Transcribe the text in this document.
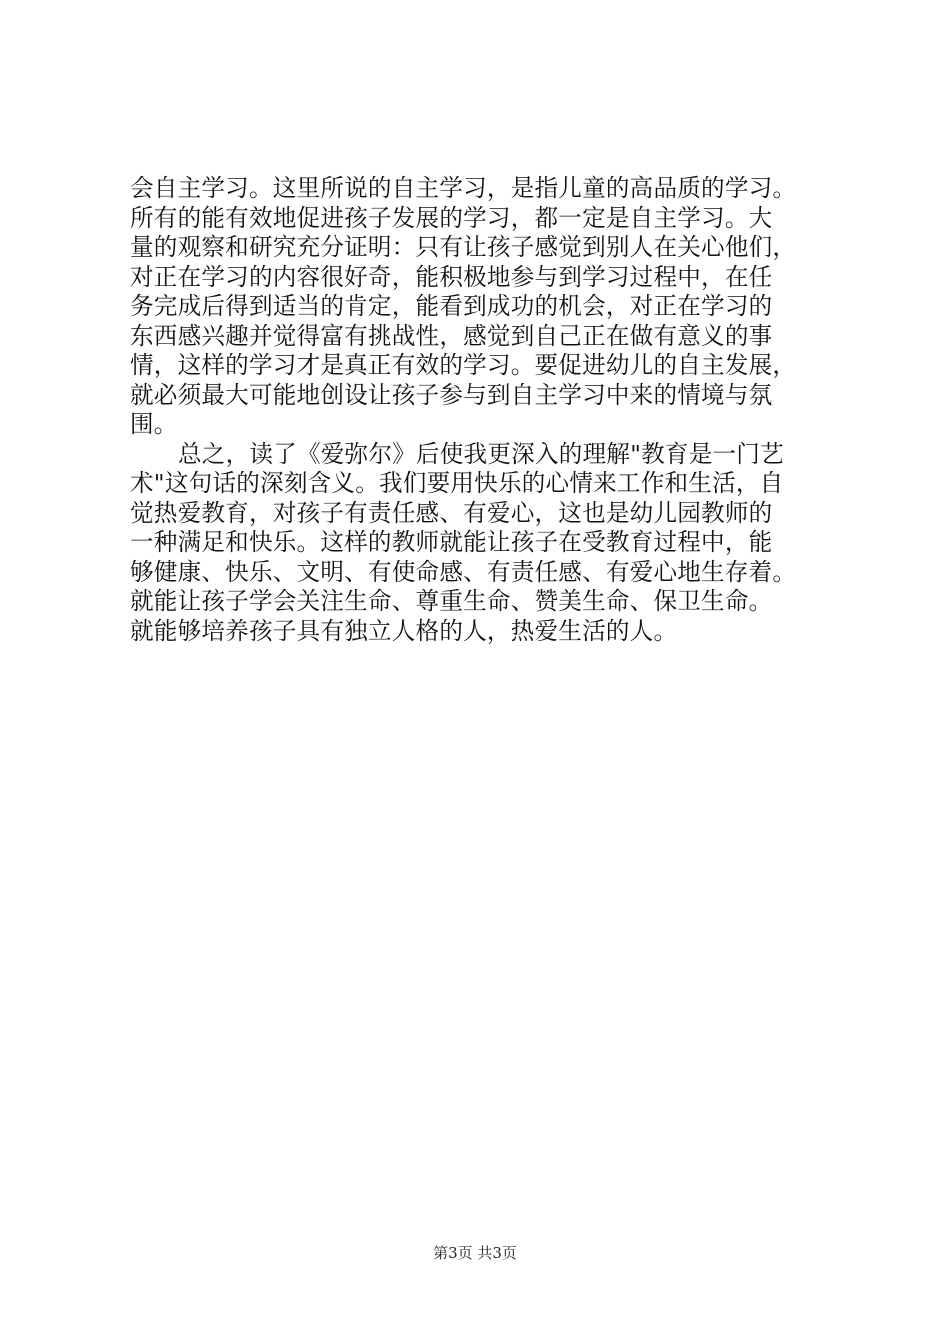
会自主学习。这里所说的自主学习，是指儿童的高品质的学习。
所有的能有效地促进孩子发展的学习，都一定是自主学习。大
量的观察和研究充分证明：只有让孩子感觉到别人在关心他们，
对正在学习的内容很好奇，能积极地参与到学习过程中，在任
务完成后得到适当的肯定，能看到成功的机会，对正在学习的
东西感兴趣并觉得富有挑战性，感觉到自己正在做有意义的事
情，这样的学习才是真正有效的学习。要促进幼儿的自主发展，
就必须最大可能地创设让孩子参与到自主学习中来的情境与氛
围。
总之，读了《爱弥尔》后使我更深入的理解"教育是一门艺
术"这句话的深刻含义。我们要用快乐的心情来工作和生活，自
觉热爱教育，对孩子有责任感、有爱心，这也是幼儿园教师的
一种满足和快乐。这样的教师就能让孩子在受教育过程中，能
够健康、快乐、文明、有使命感、有责任感、有爱心地生存着。
就能让孩子学会关注生命、尊重生命、赞美生命、保卫生命。
就能够培养孩子具有独立人格的人，热爱生活的人。
第3页 共3页
